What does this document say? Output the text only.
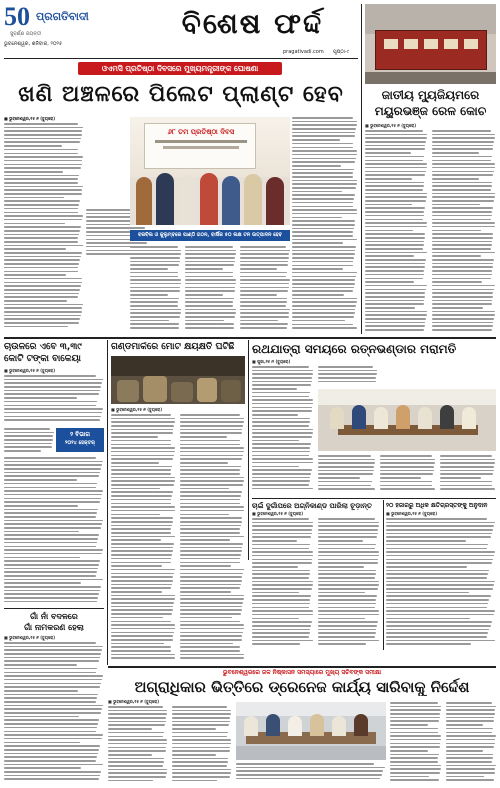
50 ପ୍ରଗତିବାଦୀ
ସୁବର୍ଣ୍ଣ ଜୟନ୍ତୀ
ଭୁବନେଶ୍ୱର, ଶନିବାର, ୨୦୨୫
ବିଶେଷ ଫର୍ଦ୍ଦ
pragativadi.com ପୃଷ୍ଠା-୯
ଓଏମସି ପ୍ରତିଷ୍ଠା ଦିବସରେ ମୁଖ୍ୟମନ୍ତ୍ରୀଙ୍କ ଘୋଷଣା
ଖଣି ଅଞ୍ଚଳରେ ପିଲେଟ ପ୍ଲାଣ୍ଟ ହେବ
■ ଭୁବନେଶ୍ୱର,୧୫।୧ (ବ୍ୟୁରୋ)
୬୮ ତମ ପ୍ରତିଷ୍ଠା ଦିବସ
ବରବିଲ ଓ କୁଲୁମ୍ବରେ ପାଣ୍ଠି ଗଠନ, ବାର୍ଷିକ ୫୦ ଲକ୍ଷ ଟନ ଉତ୍ପାଦନ ହେବ
ଜାତୀୟ ମ୍ୟୁଜିୟମରେ
ମୟୁରଭଞ୍ଜ ରେଳ କୋଚ
■ ଭୁବନେଶ୍ୱର,୧୫।୧ (ବ୍ୟୁରୋ)
ଚାଉଳରେ ଏବେ ୩,୩୯
କୋଟି ଟଙ୍କା ବାକେୟା
■ ଭୁବନେଶ୍ୱର,୧୫।୧ (ବ୍ୟୁରୋ)
୨ ବିଭାଗ
୨୦୨୪ ହେକ୍ଟର୍
ଗଣ୍ଡମାର୍କରେ ମୋଟ କ୍ଷୟକ୍ଷତି ଘଟିଛି
■ ଭୁବନେଶ୍ୱର,୧୫।୧ (ବ୍ୟୁରୋ)
ରଥଯାତ୍ରା ସମୟରେ ରତ୍ନଭଣ୍ଡାର ମରାମତି
■ ପୁରୀ,୧୫।୧ (ବ୍ୟୁରୋ)
ଚାଇଁ ଦୁର୍ଗାପରେ ଅଗ୍ନିକାଣ୍ଡ ପାରିଲା ଚୂଡ଼ାନ୍ତ
■ ଭୁବନେଶ୍ୱର,୧୫।୧ (ବ୍ୟୁରୋ)
୨୦ ହଜାରରୁ ଅଧିକ କ୍ଷତିଗ୍ରସ୍ତଙ୍କୁ ଅନୁଦାନ
■ ଭୁବନେଶ୍ୱର,୧୫।୧ (ବ୍ୟୁରୋ)
ଗାଁ ନାଁ ବଦଳରେ
ଗାଁ ନାମକରଣ ହେଲା
■ ଭୁବନେଶ୍ୱର,୧୫।୧ (ବ୍ୟୁରୋ)
ଭୁବନେଶ୍ୱରରେ ଜଳ ନିଷ୍କାସନ ସମସ୍ୟାରେ ମୁଖ୍ୟ ସଚିବଙ୍କ ସମୀକ୍ଷା
ଅଗ୍ରାଧିକାର ଭିତ୍ତିରେ ଡ୍ରେନେଜ କାର୍ଯ୍ୟ ସାରିବାକୁ ନିର୍ଦ୍ଦେଶ
■ ଭୁବନେଶ୍ୱର,୧୫।୧ (ବ୍ୟୁରୋ)
